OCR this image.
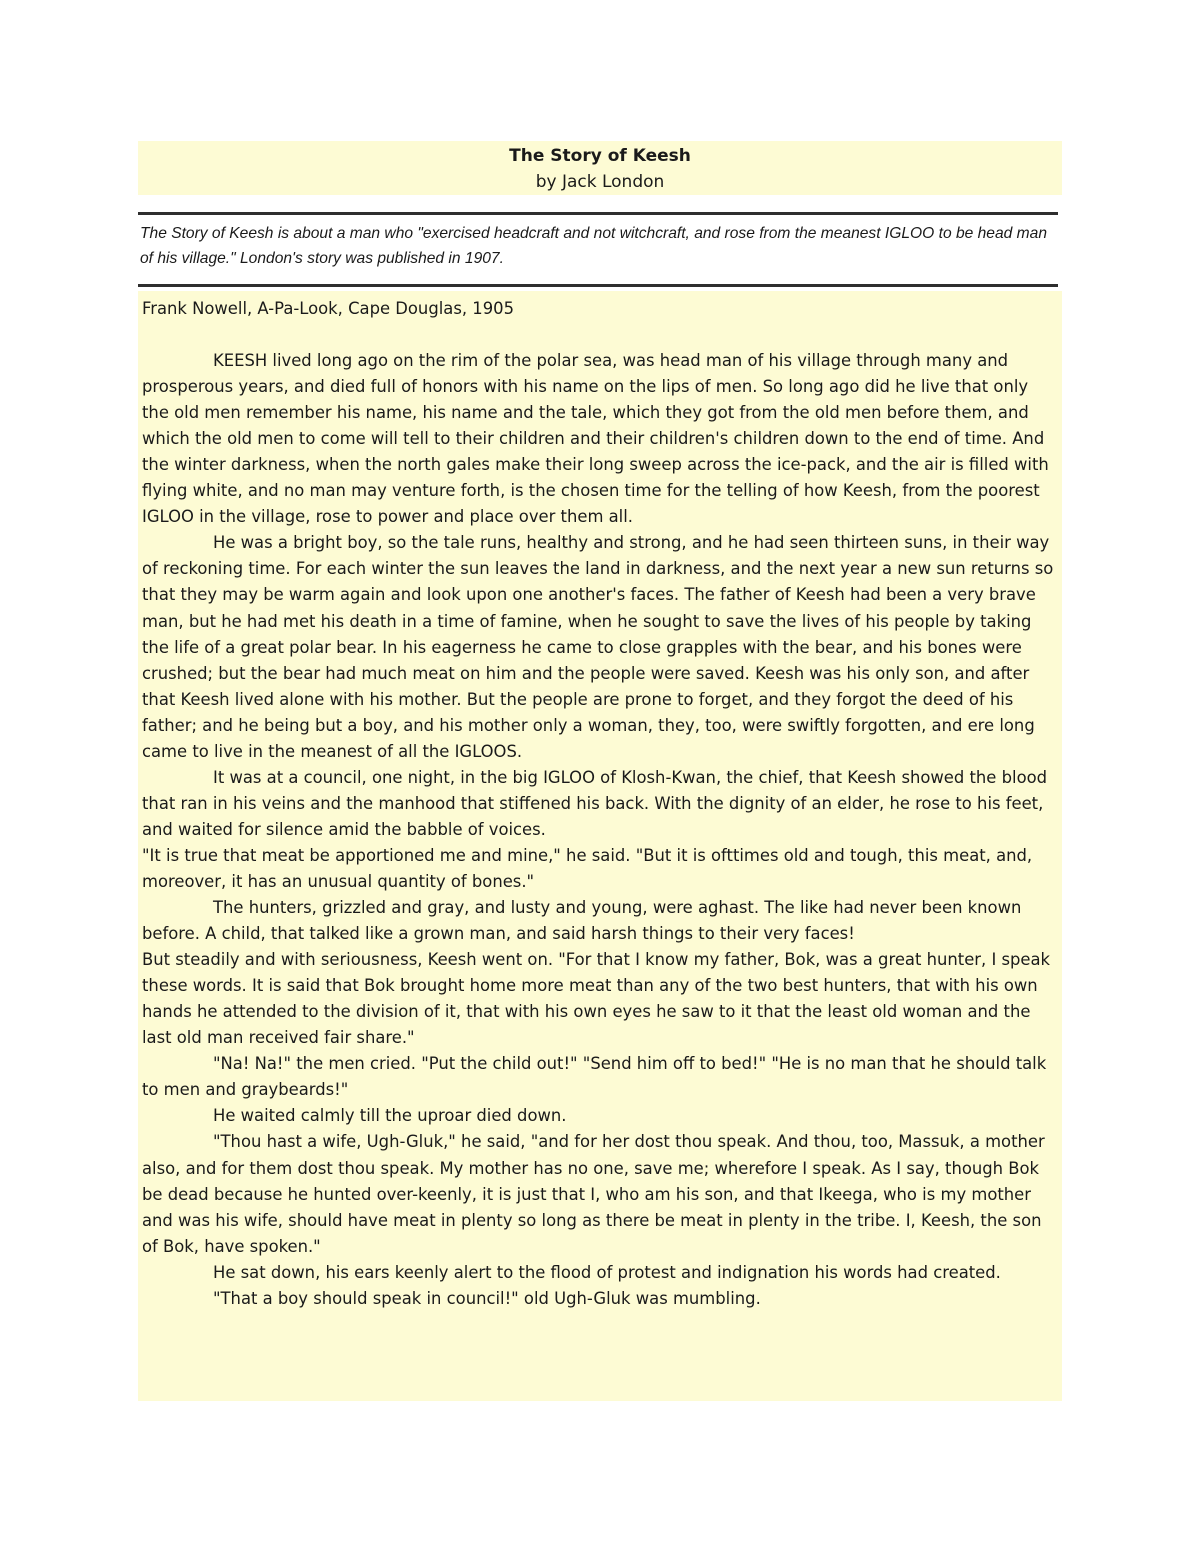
The Story of Keesh
by Jack London

The Story of Keesh is about a man who "exercised headcraft and not witchcraft, and rose from the meanest IGLOO to be head man of his village." London's story was published in 1907.

Frank Nowell, A-Pa-Look, Cape Douglas, 1905

KEESH lived long ago on the rim of the polar sea, was head man of his village through many and prosperous years, and died full of honors with his name on the lips of men. So long ago did he live that only the old men remember his name, his name and the tale, which they got from the old men before them, and which the old men to come will tell to their children and their children's children down to the end of time. And the winter darkness, when the north gales make their long sweep across the ice-pack, and the air is filled with flying white, and no man may venture forth, is the chosen time for the telling of how Keesh, from the poorest IGLOO in the village, rose to power and place over them all.

He was a bright boy, so the tale runs, healthy and strong, and he had seen thirteen suns, in their way of reckoning time. For each winter the sun leaves the land in darkness, and the next year a new sun returns so that they may be warm again and look upon one another's faces. The father of Keesh had been a very brave man, but he had met his death in a time of famine, when he sought to save the lives of his people by taking the life of a great polar bear. In his eagerness he came to close grapples with the bear, and his bones were crushed; but the bear had much meat on him and the people were saved. Keesh was his only son, and after that Keesh lived alone with his mother. But the people are prone to forget, and they forgot the deed of his father; and he being but a boy, and his mother only a woman, they, too, were swiftly forgotten, and ere long came to live in the meanest of all the IGLOOS.

It was at a council, one night, in the big IGLOO of Klosh-Kwan, the chief, that Keesh showed the blood that ran in his veins and the manhood that stiffened his back. With the dignity of an elder, he rose to his feet, and waited for silence amid the babble of voices.

"It is true that meat be apportioned me and mine," he said. "But it is ofttimes old and tough, this meat, and, moreover, it has an unusual quantity of bones."

The hunters, grizzled and gray, and lusty and young, were aghast. The like had never been known before. A child, that talked like a grown man, and said harsh things to their very faces!

But steadily and with seriousness, Keesh went on. "For that I know my father, Bok, was a great hunter, I speak these words. It is said that Bok brought home more meat than any of the two best hunters, that with his own hands he attended to the division of it, that with his own eyes he saw to it that the least old woman and the last old man received fair share."

"Na! Na!" the men cried. "Put the child out!" "Send him off to bed!" "He is no man that he should talk to men and graybeards!"

He waited calmly till the uproar died down.

"Thou hast a wife, Ugh-Gluk," he said, "and for her dost thou speak. And thou, too, Massuk, a mother also, and for them dost thou speak. My mother has no one, save me; wherefore I speak. As I say, though Bok be dead because he hunted over-keenly, it is just that I, who am his son, and that Ikeega, who is my mother and was his wife, should have meat in plenty so long as there be meat in plenty in the tribe. I, Keesh, the son of Bok, have spoken."

He sat down, his ears keenly alert to the flood of protest and indignation his words had created.

"That a boy should speak in council!" old Ugh-Gluk was mumbling.
